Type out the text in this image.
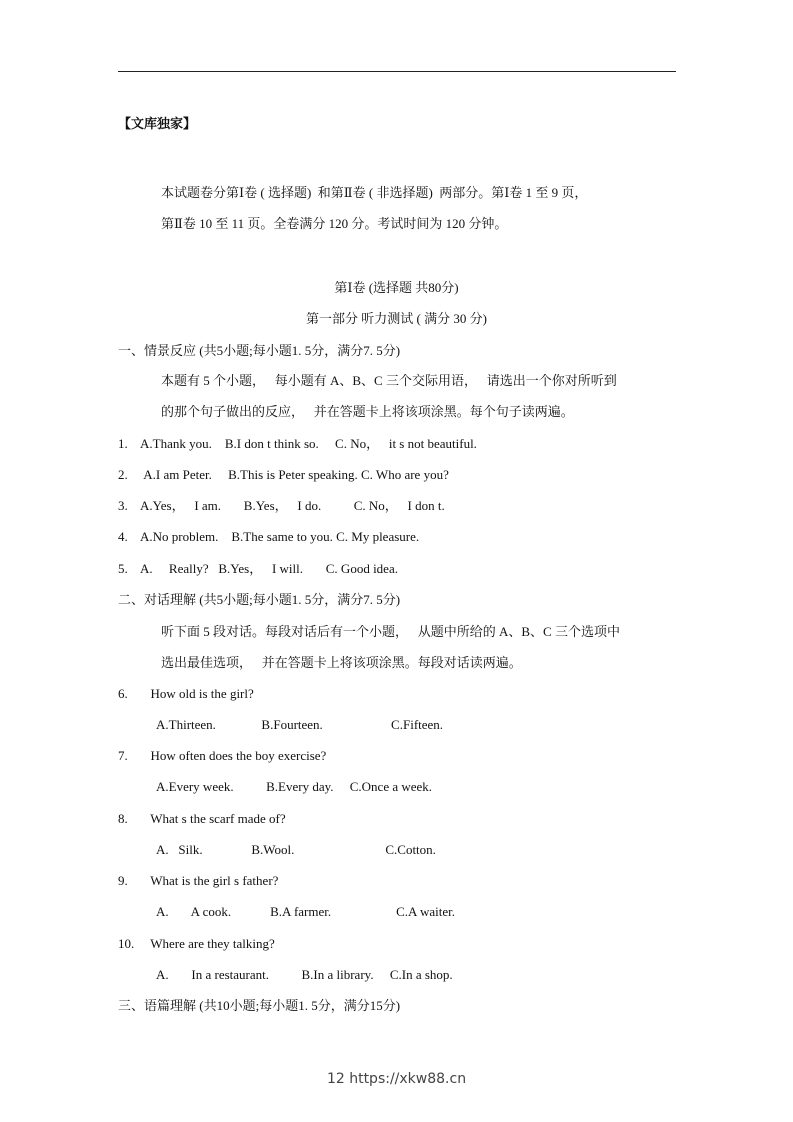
【文库独家】
本试题卷分第Ⅰ卷 ( 选择题)  和第Ⅱ卷 ( 非选择题)  两部分。第Ⅰ卷 1 至 9 页，
第Ⅱ卷 10 至 11 页。全卷满分 120 分。考试时间为 120 分钟。
第Ⅰ卷 (选择题 共80分)
第一部分 听力测试 ( 满分 30 分)
一、情景反应 (共5小题;每小题1. 5分，满分7. 5分)
本题有 5 个小题，   每小题有 A、B、C 三个交际用语，   请选出一个你对所听到
的那个句子做出的反应，   并在答题卡上将该项涂黑。每个句子读两遍。
1.    A.Thank you.    B.I don t think so.     C. No，   it s not beautiful.
2.     A.I am Peter.     B.This is Peter speaking. C. Who are you?
3.    A.Yes，   I am.       B.Yes，   I do.          C. No，   I don t.
4.    A.No problem.    B.The same to you. C. My pleasure.
5.    A.     Really?   B.Yes，   I will.       C. Good idea.
二、对话理解 (共5小题;每小题1. 5分，满分7. 5分)
听下面 5 段对话。每段对话后有一个小题，   从题中所给的 A、B、C 三个选项中
选出最佳选项，   并在答题卡上将该项涂黑。每段对话读两遍。
6.       How old is the girl?
A.Thirteen.              B.Fourteen.                     C.Fifteen.
7.       How often does the boy exercise?
A.Every week.          B.Every day.     C.Once a week.
8.       What s the scarf made of?
A.   Silk.               B.Wool.                            C.Cotton.
9.       What is the girl s father?
A.       A cook.            B.A farmer.                    C.A waiter.
10.     Where are they talking?
A.       In a restaurant.          B.In a library.     C.In a shop.
三、语篇理解 (共10小题;每小题1. 5分，满分15分)
12 https://xkw88.cn
